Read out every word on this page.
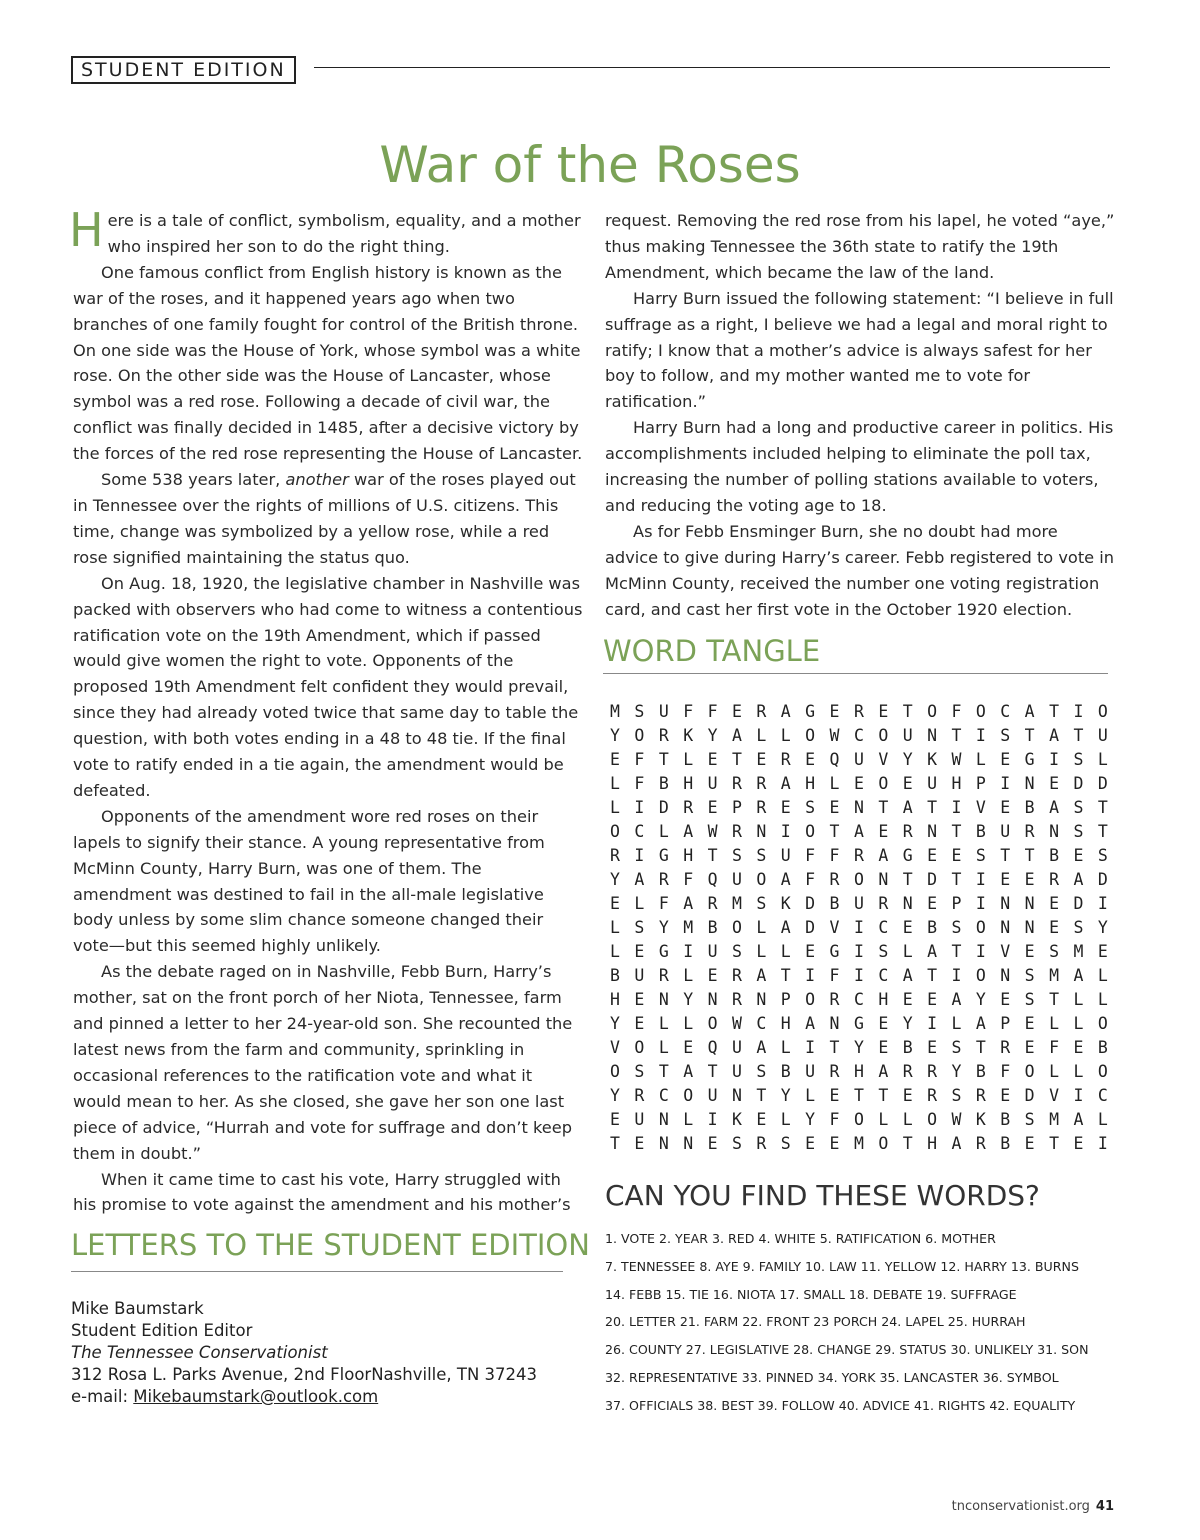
STUDENT EDITION
War of the Roses

Here is a tale of conflict, symbolism, equality, and a mother who inspired her son to do the right thing.

One famous conflict from English history is known as the war of the roses, and it happened years ago when two branches of one family fought for control of the British throne. On one side was the House of York, whose symbol was a white rose. On the other side was the House of Lancaster, whose symbol was a red rose. Following a decade of civil war, the conflict was finally decided in 1485, after a decisive victory by the forces of the red rose representing the House of Lancaster.

Some 538 years later, another war of the roses played out in Tennessee over the rights of millions of U.S. citizens. This time, change was symbolized by a yellow rose, while a red rose signified maintaining the status quo.

On Aug. 18, 1920, the legislative chamber in Nashville was packed with observers who had come to witness a contentious ratification vote on the 19th Amendment, which if passed would give women the right to vote. Opponents of the proposed 19th Amendment felt confident they would prevail, since they had already voted twice that same day to table the question, with both votes ending in a 48 to 48 tie. If the final vote to ratify ended in a tie again, the amendment would be defeated.

Opponents of the amendment wore red roses on their lapels to signify their stance. A young representative from McMinn County, Harry Burn, was one of them. The amendment was destined to fail in the all-male legislative body unless by some slim chance someone changed their vote—but this seemed highly unlikely.

As the debate raged on in Nashville, Febb Burn, Harry’s mother, sat on the front porch of her Niota, Tennessee, farm and pinned a letter to her 24-year-old son. She recounted the latest news from the farm and community, sprinkling in occasional references to the ratification vote and what it would mean to her. As she closed, she gave her son one last piece of advice, “Hurrah and vote for suffrage and don’t keep them in doubt.”

When it came time to cast his vote, Harry struggled with his promise to vote against the amendment and his mother’s

request. Removing the red rose from his lapel, he voted “aye,” thus making Tennessee the 36th state to ratify the 19th Amendment, which became the law of the land.

Harry Burn issued the following statement: “I believe in full suffrage as a right, I believe we had a legal and moral right to ratify; I know that a mother’s advice is always safest for her boy to follow, and my mother wanted me to vote for ratification.”

Harry Burn had a long and productive career in politics. His accomplishments included helping to eliminate the poll tax, increasing the number of polling stations available to voters, and reducing the voting age to 18.

As for Febb Ensminger Burn, she no doubt had more advice to give during Harry’s career. Febb registered to vote in McMinn County, received the number one voting registration card, and cast her first vote in the October 1920 election.

WORD TANGLE
M S U F F E R A G E R E T O F O C A T I O
Y O R K Y A L L O W C O U N T I S T A T U
E F T L E T E R E Q U V Y K W L E G I S L
L F B H U R R A H L E O E U H P I N E D D
L I D R E P R E S E N T A T I V E B A S T
O C L A W R N I O T A E R N T B U R N S T
R I G H T S S U F F R A G E E S T T B E S
Y A R F Q U O A F R O N T D T I E E R A D
E L F A R M S K D B U R N E P I N N E D I
L S Y M B O L A D V I C E B S O N N E S Y
L E G I U S L L E G I S L A T I V E S M E
B U R L E R A T I F I C A T I O N S M A L
H E N Y N R N P O R C H E E A Y E S T L L
Y E L L O W C H A N G E Y I L A P E L L O
V O L E Q U A L I T Y E B E S T R E F E B
O S T A T U S B U R H A R R Y B F O L L O
Y R C O U N T Y L E T T E R S R E D V I C
E U N L I K E L Y F O L L O W K B S M A L
T E N N E S R S E E M O T H A R B E T E I
CAN YOU FIND THESE WORDS?
1. VOTE 2. YEAR 3. RED 4. WHITE 5. RATIFICATION 6. MOTHER
7. TENNESSEE 8. AYE 9. FAMILY 10. LAW 11. YELLOW 12. HARRY 13. BURNS
14. FEBB 15. TIE 16. NIOTA 17. SMALL 18. DEBATE 19. SUFFRAGE
20. LETTER 21. FARM 22. FRONT 23 PORCH 24. LAPEL 25. HURRAH
26. COUNTY 27. LEGISLATIVE 28. CHANGE 29. STATUS 30. UNLIKELY 31. SON
32. REPRESENTATIVE 33. PINNED 34. YORK 35. LANCASTER 36. SYMBOL
37. OFFICIALS 38. BEST 39. FOLLOW 40. ADVICE 41. RIGHTS 42. EQUALITY
LETTERS TO THE STUDENT EDITION
Mike Baumstark
Student Edition Editor
The Tennessee Conservationist
312 Rosa L. Parks Avenue, 2nd FloorNashville, TN 37243
e-mail: Mikebaumstark@outlook.com
tnconservationist.org 41
